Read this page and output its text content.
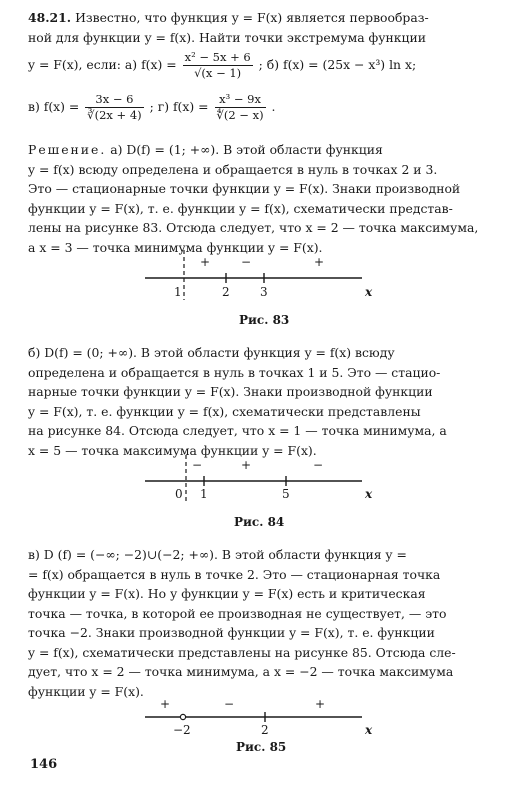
48.21. Известно, что функция y = F(x) является первообраз-
ной для функции y = f(x). Найти точки экстремума функции
y = F(x), если: а) $f(x) = \frac{\text{x² − 5x + 6}}{√(x - 1)}$ ; б) f(x) = (25x − x³) ln x;
в) $f(x) = \frac{3x - 6}{∛(2x + 4)}$ ; г) $f(x) = \frac{\text{x³ − 9x}}{∜(2 - x)}$ .
Решение. а) D(f) = (1; +∞). В этой области функция
y = f(x) всюду определена и обращается в нуль в точках 2 и 3.
Это — стационарные точки функции y = F(x). Знаки производной
функции y = F(x), т. е. функции y = f(x), схематически представ-
лены на рисунке 83. Отсюда следует, что x = 2 — точка максимума,
а x = 3 — точка минимума функции y = F(x).
+	−	+
1	2	3	x
Рис. 83
б) D(f) = (0; +∞). В этой области функция y = f(x) всюду
определена и обращается в нуль в точках 1 и 5. Это — стацио-
нарные точки функции y = F(x). Знаки производной функции
y = F(x), т. е. функции y = f(x), схематически представлены
на рисунке 84. Отсюда следует, что x = 1 — точка минимума, а
x = 5 — точка максимума функции y = F(x).
−	+	−
0 1	5	x
Рис. 84
в) D (f) = (−∞; −2)∪(−2; +∞). В этой области функция y =
= f(x) обращается в нуль в точке 2. Это — стационарная точка
функции y = F(x). Но у функции y = F(x) есть и критическая
точка — точка, в которой ее производная не существует, — это
точка −2. Знаки производной функции y = F(x), т. е. функции
y = f(x), схематически представлены на рисунке 85. Отсюда сле-
дует, что x = 2 — точка минимума, а x = −2 — точка максимума
функции y = F(x).
+	−	+
−2	2	x
Рис. 85
146
